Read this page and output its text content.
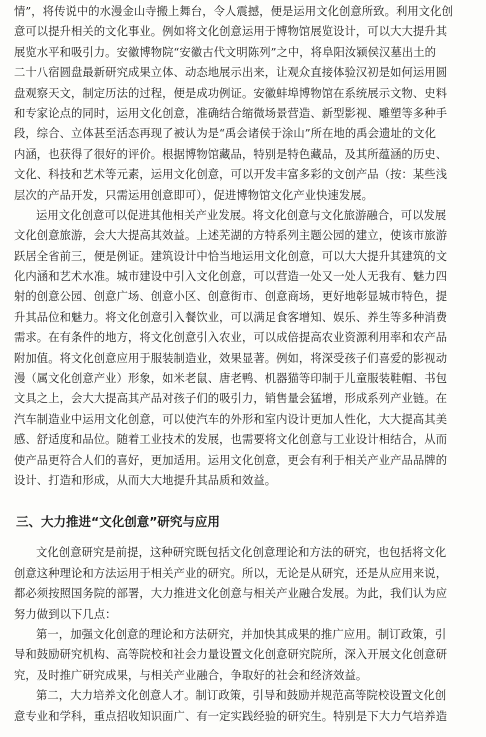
情”，将传说中的水漫金山寺搬上舞台，令人震撼，便是运用文化创意所致。利用文化创
意可以提升相关的文化事业。例如将文化创意运用于博物馆展览设计，可以大大提升其
展览水平和吸引力。安徽博物院“安徽古代文明陈列”之中，将阜阳汝颍侯汉墓出土的
二十八宿圆盘最新研究成果立体、动态地展示出来，让观众直接体验汉初是如何运用圆
盘观察天文，制定历法的过程，便是成功例证。安徽蚌埠博物馆在系统展示文物、史料
和专家论点的同时，运用文化创意，准确结合缩微场景营造、新型影视、雕塑等多种手
段，综合、立体甚至活态再现了被认为是“禹会诸侯于涂山”所在地的禹会遗址的文化
内涵，也获得了很好的评价。根据博物馆藏品，特别是特色藏品，及其所蕴涵的历史、
文化、科技和艺术等元素，运用文化创意，可以开发丰富多彩的文创产品（按：某些浅
层次的产品开发，只需运用创意即可），促进博物馆文化产业快速发展。
运用文化创意可以促进其他相关产业发展。将文化创意与文化旅游融合，可以发展
文化创意旅游，会大大提高其效益。上述芜湖的方特系列主题公园的建立，使该市旅游
跃居全省前三，便是例证。建筑设计中恰当地运用文化创意，可以大大提升其建筑的文
化内涵和艺术水准。城市建设中引入文化创意，可以营造一处又一处人无我有、魅力四
射的创意公园、创意广场、创意小区、创意街市、创意商场，更好地彰显城市特色，提
升其品位和魅力。将文化创意引入餐饮业，可以满足食客增知、娱乐、养生等多种消费
需求。在有条件的地方，将文化创意引入农业，可以成倍提高农业资源利用率和农产品
附加值。将文化创意应用于服装制造业，效果显著。例如，将深受孩子们喜爱的影视动
漫（属文化创意产业）形象，如米老鼠、唐老鸭、机器猫等印制于儿童服装鞋帽、书包
文具之上，会大大提高其产品对孩子们的吸引力，销售量会猛增，形成系列产业链。在
汽车制造业中运用文化创意，可以使汽车的外形和室内设计更加人性化，大大提高其美
感、舒适度和品位。随着工业技术的发展，也需要将文化创意与工业设计相结合，从而
使产品更符合人们的喜好，更加适用。运用文化创意，更会有利于相关产业产品品牌的
设计、打造和形成，从而大大地提升其品质和效益。
三、大力推进“文化创意”研究与应用
文化创意研究是前提，这种研究既包括文化创意理论和方法的研究，也包括将文化
创意这种理论和方法运用于相关产业的研究。所以，无论是从研究，还是从应用来说，
都必须按照国务院的部署，大力推进文化创意与相关产业融合发展。为此，我们认为应
努力做到以下几点：
第一，加强文化创意的理论和方法研究，并加快其成果的推广应用。制订政策，引
导和鼓励研究机构、高等院校和社会力量设置文化创意研究院所，深入开展文化创意研
究，及时推广研究成果，与相关产业融合，争取好的社会和经济效益。
第二，大力培养文化创意人才。制订政策，引导和鼓励并规范高等院校设置文化创
意专业和学科，重点招收知识面广、有一定实践经验的研究生。特别是下大力气培养造
